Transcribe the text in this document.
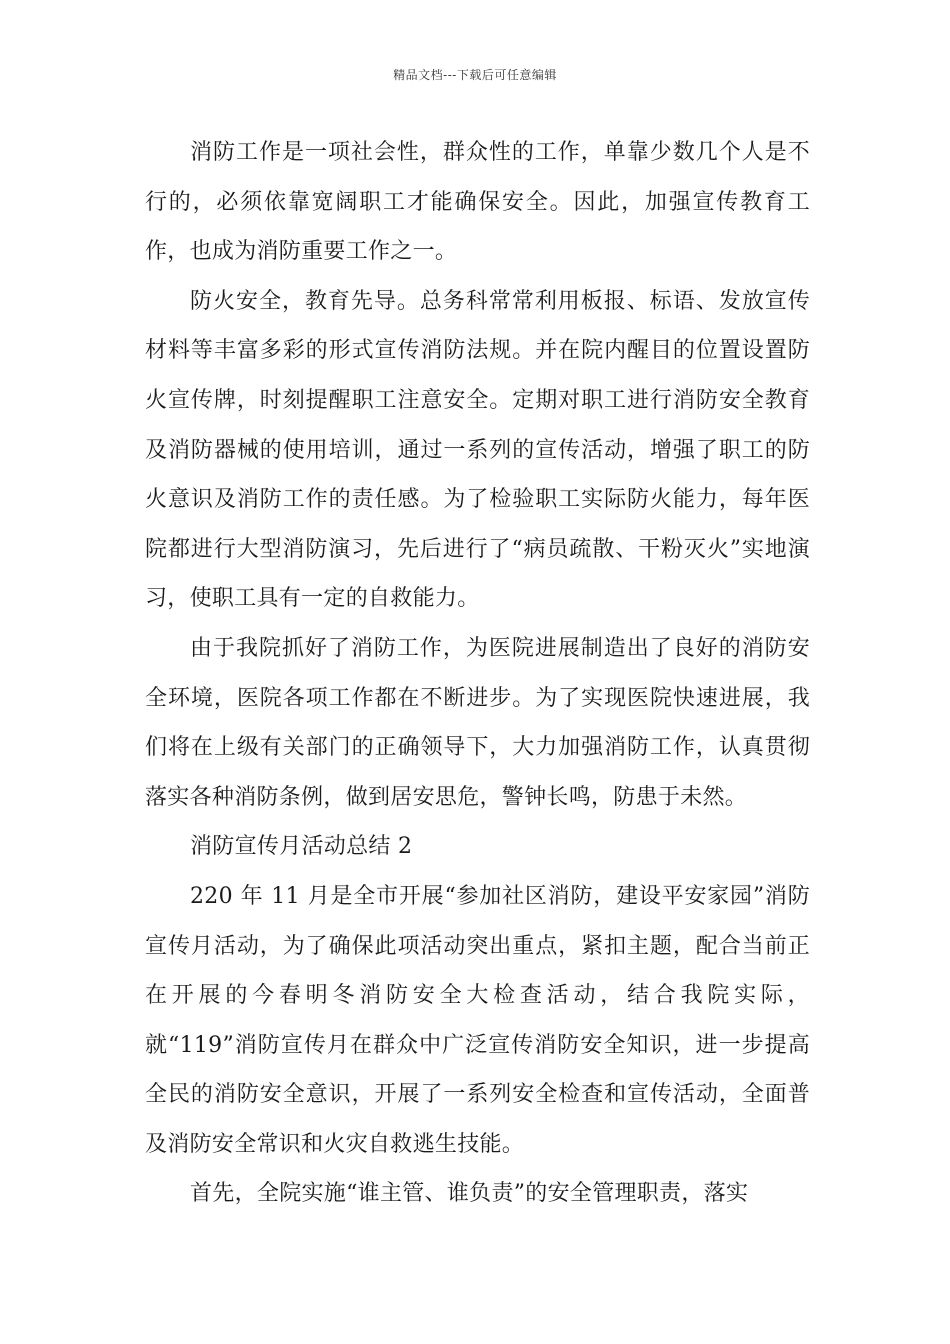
精品文档---下载后可任意编辑

消防工作是一项社会性，群众性的工作，单靠少数几个人是不行的，必须依靠宽阔职工才能确保安全。因此，加强宣传教育工作，也成为消防重要工作之一。

防火安全，教育先导。总务科常常利用板报、标语、发放宣传材料等丰富多彩的形式宣传消防法规。并在院内醒目的位置设置防火宣传牌，时刻提醒职工注意安全。定期对职工进行消防安全教育及消防器械的使用培训，通过一系列的宣传活动，增强了职工的防火意识及消防工作的责任感。为了检验职工实际防火能力，每年医院都进行大型消防演习，先后进行了“病员疏散、干粉灭火”实地演习，使职工具有一定的自救能力。

由于我院抓好了消防工作，为医院进展制造出了良好的消防安全环境，医院各项工作都在不断进步。为了实现医院快速进展，我们将在上级有关部门的正确领导下，大力加强消防工作，认真贯彻落实各种消防条例，做到居安思危，警钟长鸣，防患于未然。

消防宣传月活动总结 2

220 年 11 月是全市开展“参加社区消防，建设平安家园”消防宣传月活动，为了确保此项活动突出重点，紧扣主题，配合当前正在开展的今春明冬消防安全大检查活动，结合我院实际，就“119”消防宣传月在群众中广泛宣传消防安全知识，进一步提高全民的消防安全意识，开展了一系列安全检查和宣传活动，全面普及消防安全常识和火灾自救逃生技能。

首先，全院实施“谁主管、谁负责”的安全管理职责，落实
